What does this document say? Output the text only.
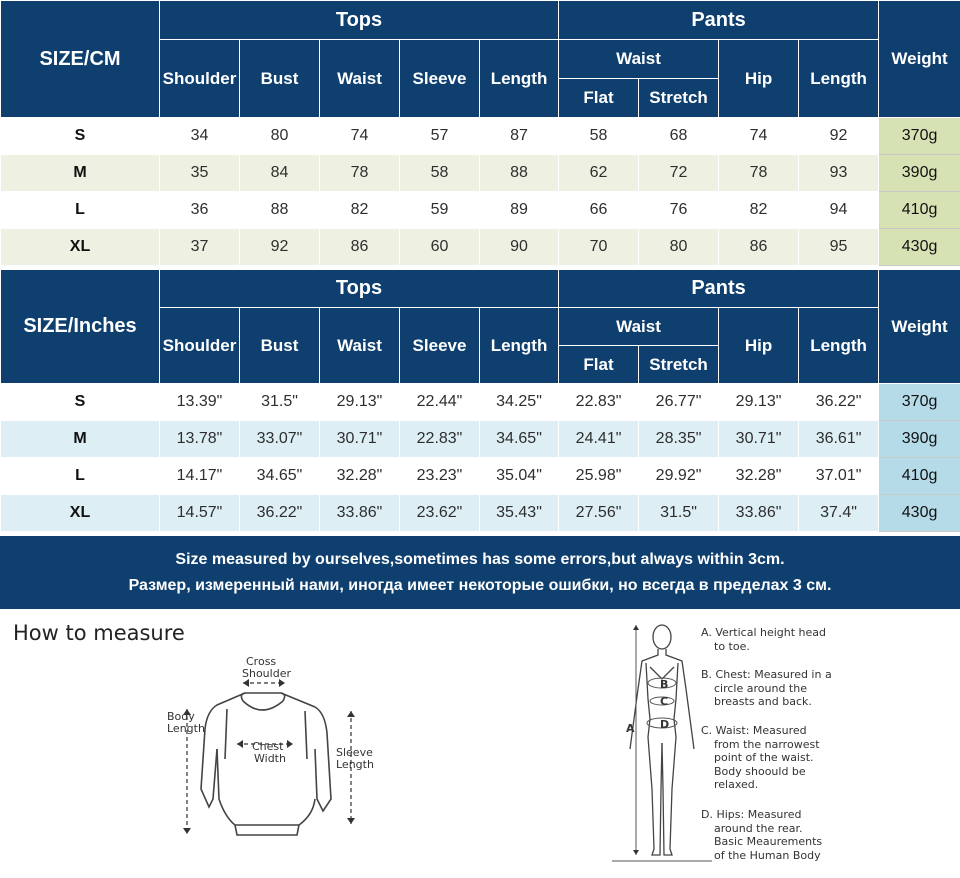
SIZE/CM	Tops					Pants				Weight
	Shoulder	Bust	Waist	Sleeve	Length	Waist		Hip	Length	
						Flat	Stretch			
S	34	80	74	57	87	58	68	74	92	370g
M	35	84	78	58	88	62	72	78	93	390g
L	36	88	82	59	89	66	76	82	94	410g
XL	37	92	86	60	90	70	80	86	95	430g
SIZE/Inches	Tops					Pants				Weight
	Shoulder	Bust	Waist	Sleeve	Length	Waist		Hip	Length	
						Flat	Stretch			
S	13.39"	31.5"	29.13"	22.44"	34.25"	22.83"	26.77"	29.13"	36.22"	370g
M	13.78"	33.07"	30.71"	22.83"	34.65"	24.41"	28.35"	30.71"	36.61"	390g
L	14.17"	34.65"	32.28"	23.23"	35.04"	25.98"	29.92"	32.28"	37.01"	410g
XL	14.57"	36.22"	33.86"	23.62"	35.43"	27.56"	31.5"	33.86"	37.4"	430g
Size measured by ourselves,sometimes has some errors,but always within 3cm.
Размер, измеренный нами, иногда имеет некоторые ошибки, но всегда в пределах 3 см.
How to measure
Cross
Shoulder
Body
Length
Chest
Width	Sleeve
Length
A
B
C
D
A. Vertical height head
to toe.
B. Chest: Measured in a
circle around the
breasts and back.
C. Waist: Measured
from the narrowest
point of the waist.
Body shoould be
relaxed.
D. Hips: Measured
around the rear.
Basic Meaurements
of the Human Body
